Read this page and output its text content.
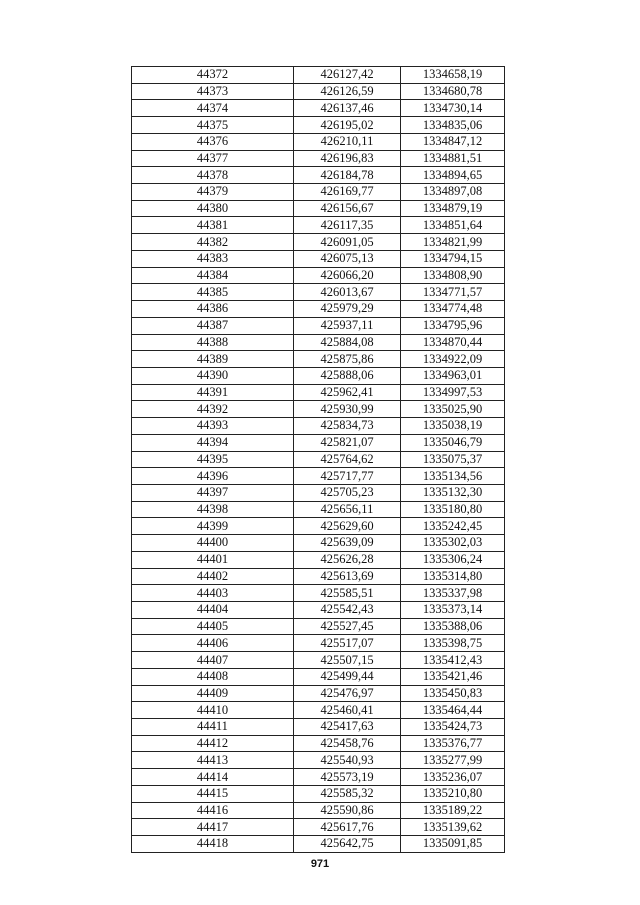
44372	426127,42	1334658,19
44373	426126,59	1334680,78
44374	426137,46	1334730,14
44375	426195,02	1334835,06
44376	426210,11	1334847,12
44377	426196,83	1334881,51
44378	426184,78	1334894,65
44379	426169,77	1334897,08
44380	426156,67	1334879,19
44381	426117,35	1334851,64
44382	426091,05	1334821,99
44383	426075,13	1334794,15
44384	426066,20	1334808,90
44385	426013,67	1334771,57
44386	425979,29	1334774,48
44387	425937,11	1334795,96
44388	425884,08	1334870,44
44389	425875,86	1334922,09
44390	425888,06	1334963,01
44391	425962,41	1334997,53
44392	425930,99	1335025,90
44393	425834,73	1335038,19
44394	425821,07	1335046,79
44395	425764,62	1335075,37
44396	425717,77	1335134,56
44397	425705,23	1335132,30
44398	425656,11	1335180,80
44399	425629,60	1335242,45
44400	425639,09	1335302,03
44401	425626,28	1335306,24
44402	425613,69	1335314,80
44403	425585,51	1335337,98
44404	425542,43	1335373,14
44405	425527,45	1335388,06
44406	425517,07	1335398,75
44407	425507,15	1335412,43
44408	425499,44	1335421,46
44409	425476,97	1335450,83
44410	425460,41	1335464,44
44411	425417,63	1335424,73
44412	425458,76	1335376,77
44413	425540,93	1335277,99
44414	425573,19	1335236,07
44415	425585,32	1335210,80
44416	425590,86	1335189,22
44417	425617,76	1335139,62
44418	425642,75	1335091,85
971
